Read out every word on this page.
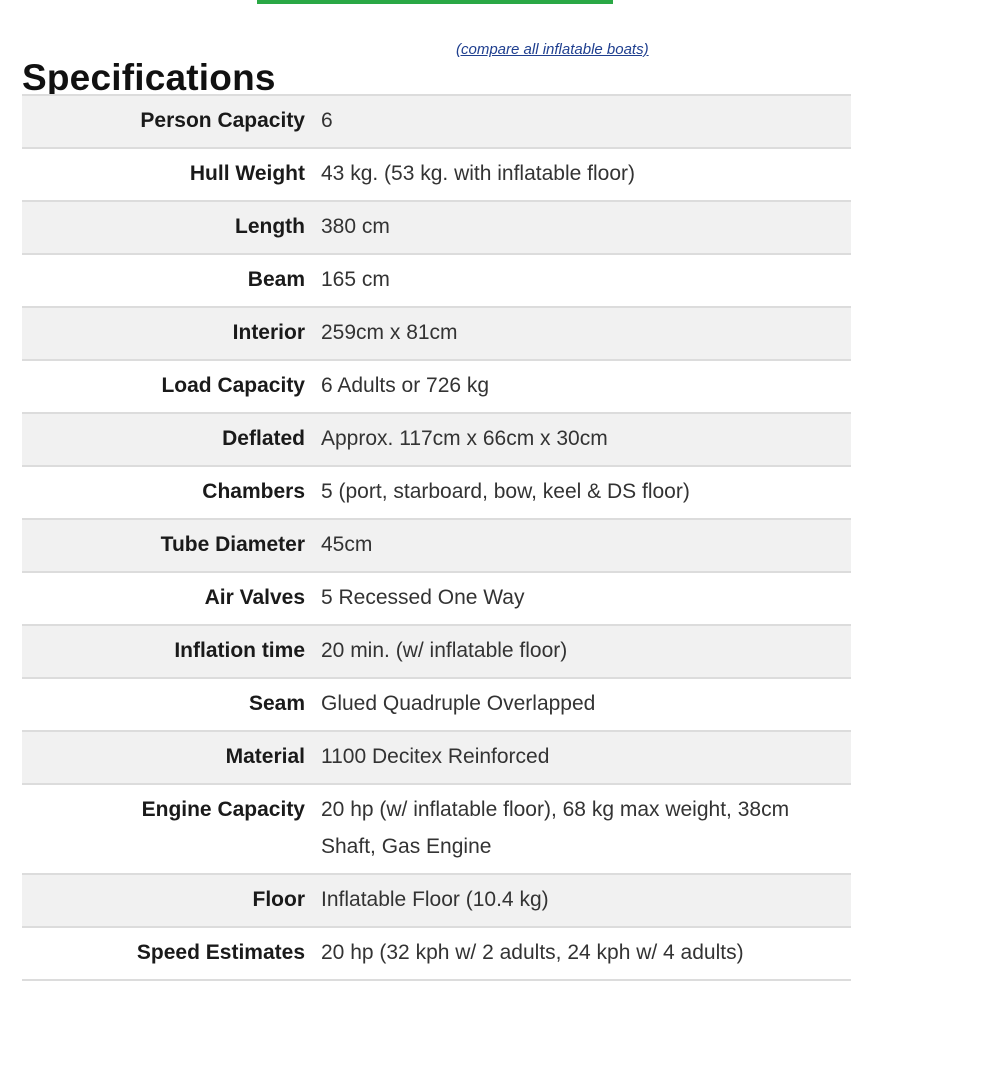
Specifications
(compare all inflatable boats)
Person Capacity	6
Hull Weight	43 kg. (53 kg. with inflatable floor)
Length	380 cm
Beam	165 cm
Interior	259cm x 81cm
Load Capacity	6 Adults or 726 kg
Deflated	Approx. 117cm x 66cm x 30cm
Chambers	5 (port, starboard, bow, keel & DS floor)
Tube Diameter	45cm
Air Valves	5 Recessed One Way
Inflation time	20 min. (w/ inflatable floor)
Seam	Glued Quadruple Overlapped
Material	1100 Decitex Reinforced
Engine Capacity	20 hp (w/ inflatable floor), 68 kg max weight, 38cm Shaft, Gas Engine
Floor	Inflatable Floor (10.4 kg)
Speed Estimates	20 hp (32 kph w/ 2 adults, 24 kph w/ 4 adults)
